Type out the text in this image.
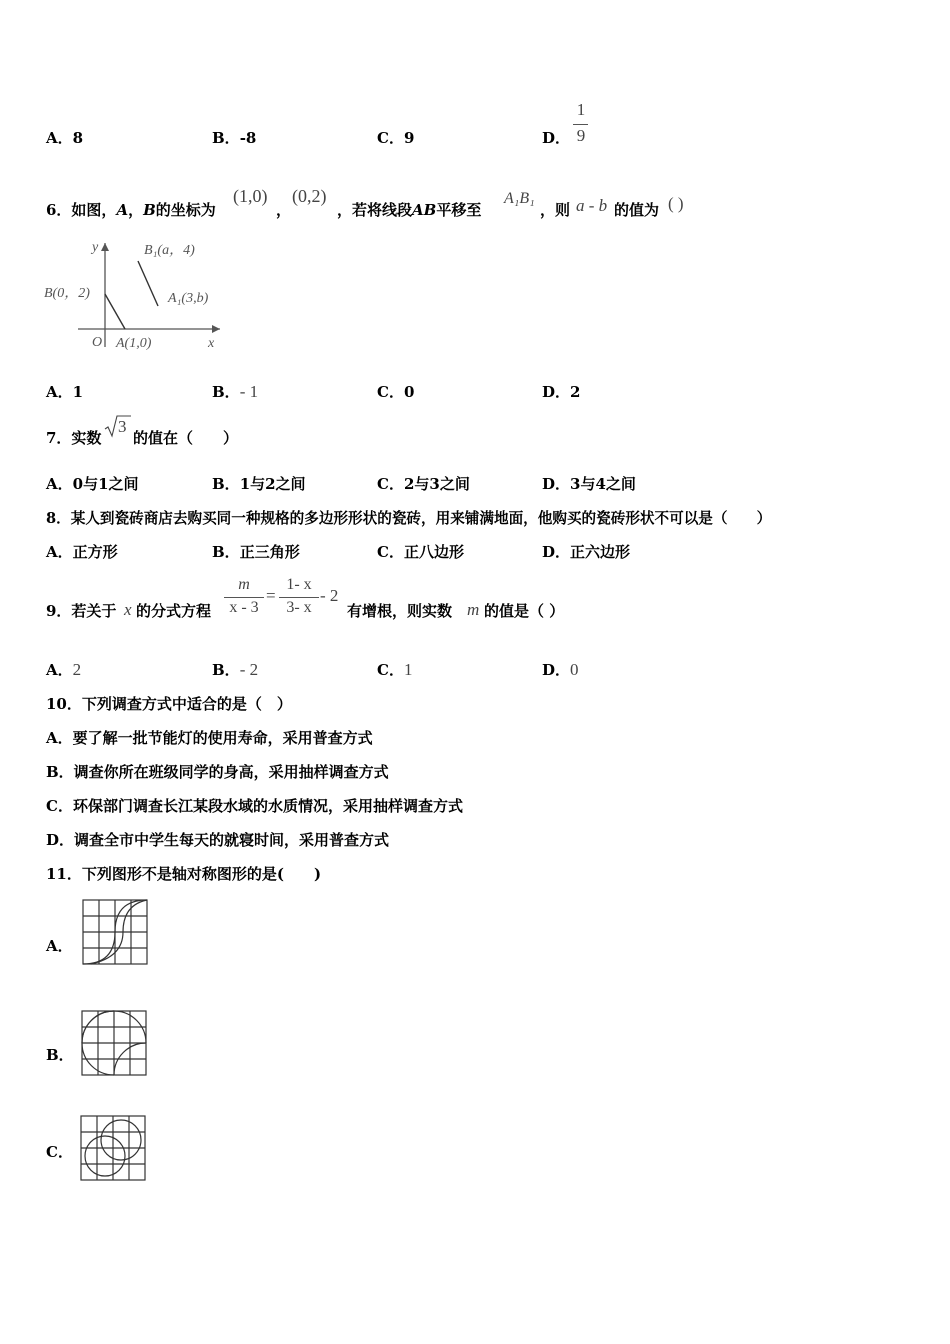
A．8	B．-8	C．9	D．
1
9
6．如图，A，B的坐标为
(1,0)
，
(0,2)
，若将线段AB平移至
A₁B₁
，则 a - b 的值为 ( )
y
x
O
B(0，2)
A(1,0)
B₁(a，4)
A₁(3,b)
A．1	B．- 1	C．0	D．2
7．实数
3
的值在（　　）
A．0与1之间	B．1与2之间	C．2与3之间	D．3与4之间
8．某人到瓷砖商店去购买同一种规格的多边形形状的瓷砖，用来铺满地面，他购买的瓷砖形状不可以是（　　）
A．正方形	B．正三角形	C．正八边形	D．正六边形
9．若关于 x 的分式方程
m
x - 3
=
1- x
3- x
- 2
有增根，则实数 m 的值是（ ）
A．2	B．- 2	C．1	D．0
10．下列调查方式中适合的是（　）
A．要了解一批节能灯的使用寿命，采用普查方式
B．调查你所在班级同学的身高，采用抽样调查方式
C．环保部门调查长江某段水域的水质情况，采用抽样调查方式
D．调查全市中学生每天的就寝时间，采用普查方式
11．下列图形不是轴对称图形的是(　　)
A．
B．
C．
